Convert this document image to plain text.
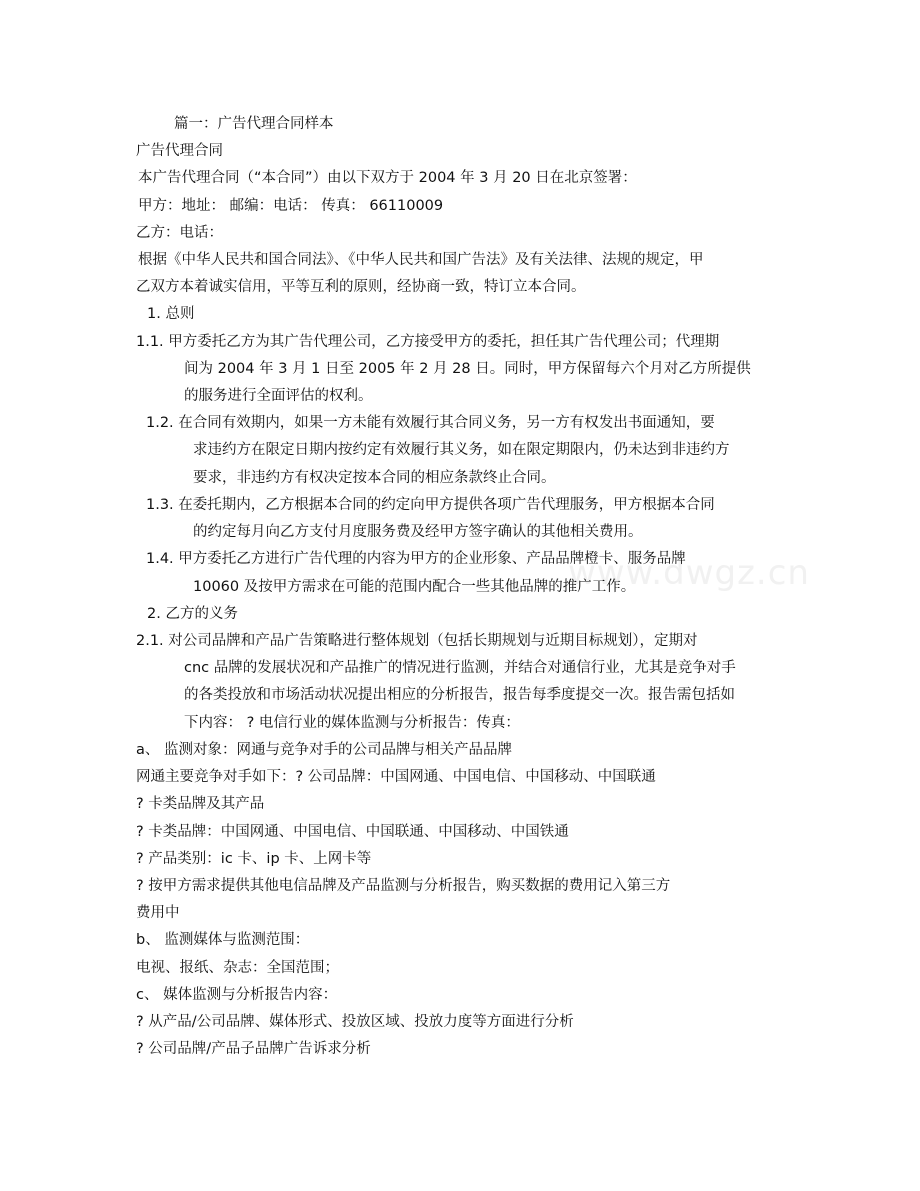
www.dwgz.cn
篇一：广告代理合同样本
广告代理合同
本广告代理合同（“本合同”）由以下双方于 2004 年 3 月 20 日在北京签署：
甲方：地址： 邮编：电话： 传真： 66110009
乙方：电话：
根据《中华人民共和国合同法》、《中华人民共和国广告法》及有关法律、法规的规定，甲
乙双方本着诚实信用，平等互利的原则，经协商一致，特订立本合同。
1. 总则
1.1. 甲方委托乙方为其广告代理公司，乙方接受甲方的委托，担任其广告代理公司；代理期
间为 2004 年 3 月 1 日至 2005 年 2 月 28 日。同时，甲方保留每六个月对乙方所提供
的服务进行全面评估的权利。
1.2. 在合同有效期内，如果一方未能有效履行其合同义务，另一方有权发出书面通知，要
求违约方在限定日期内按约定有效履行其义务，如在限定期限内，仍未达到非违约方
要求，非违约方有权决定按本合同的相应条款终止合同。
1.3. 在委托期内，乙方根据本合同的约定向甲方提供各项广告代理服务，甲方根据本合同
的约定每月向乙方支付月度服务费及经甲方签字确认的其他相关费用。
1.4. 甲方委托乙方进行广告代理的内容为甲方的企业形象、产品品牌橙卡、服务品牌
10060 及按甲方需求在可能的范围内配合一些其他品牌的推广工作。
2. 乙方的义务
2.1. 对公司品牌和产品广告策略进行整体规划（包括长期规划与近期目标规划），定期对
cnc 品牌的发展状况和产品推广的情况进行监测，并结合对通信行业，尤其是竞争对手
的各类投放和市场活动状况提出相应的分析报告，报告每季度提交一次。报告需包括如
下内容： ? 电信行业的媒体监测与分析报告：传真：
a、 监测对象：网通与竞争对手的公司品牌与相关产品品牌
网通主要竞争对手如下：? 公司品牌：中国网通、中国电信、中国移动、中国联通
? 卡类品牌及其产品
? 卡类品牌：中国网通、中国电信、中国联通、中国移动、中国铁通
? 产品类别：ic 卡、ip 卡、上网卡等
? 按甲方需求提供其他电信品牌及产品监测与分析报告，购买数据的费用记入第三方
费用中
b、 监测媒体与监测范围：
电视、报纸、杂志：全国范围；
c、 媒体监测与分析报告内容：
? 从产品/公司品牌、媒体形式、投放区域、投放力度等方面进行分析
? 公司品牌/产品子品牌广告诉求分析
